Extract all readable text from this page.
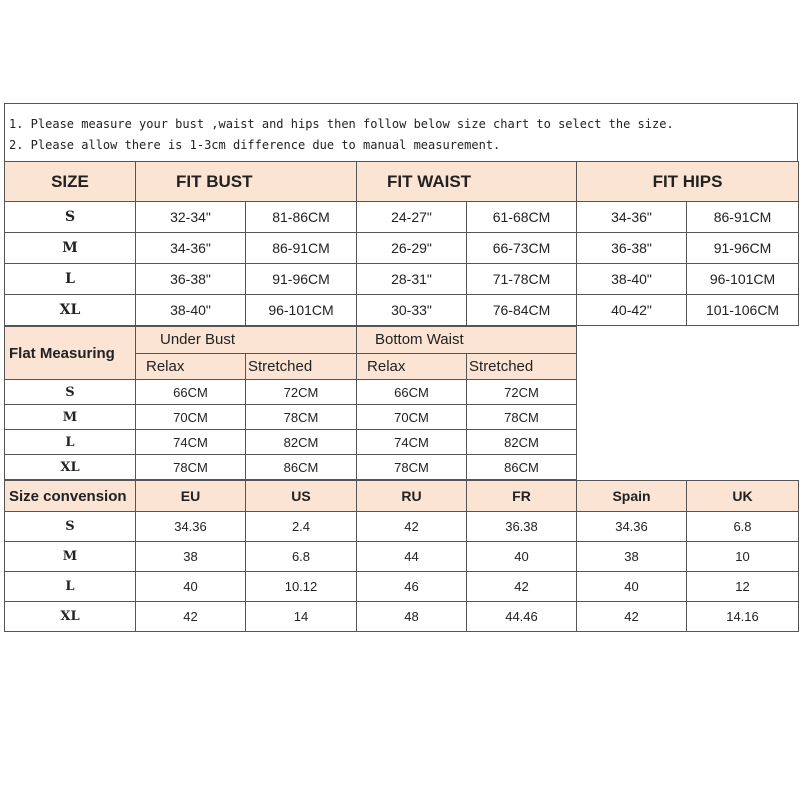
1. Please measure your bust ,waist and hips then follow below size chart to select the size.
2. Please allow there is 1-3cm difference due to manual measurement.
SIZE	FIT BUST		FIT WAIST		FIT HIPS	
S	32-34"	81-86CM	24-27"	61-68CM	34-36"	86-91CM
M	34-36"	86-91CM	26-29"	66-73CM	36-38"	91-96CM
L	36-38"	91-96CM	28-31"	71-78CM	38-40"	96-101CM
XL	38-40"	96-101CM	30-33"	76-84CM	40-42"	101-106CM
Flat Measuring	Under Bust		Bottom Waist		
	Relax	Stretched	Relax	Stretched	
S	66CM	72CM	66CM	72CM	
M	70CM	78CM	70CM	78CM	
L	74CM	82CM	74CM	82CM	
XL	78CM	86CM	78CM	86CM	
Size convension	EU	US	RU	FR	Spain	UK
S	34.36	2.4	42	36.38	34.36	6.8
M	38	6.8	44	40	38	10
L	40	10.12	46	42	40	12
XL	42	14	48	44.46	42	14.16
